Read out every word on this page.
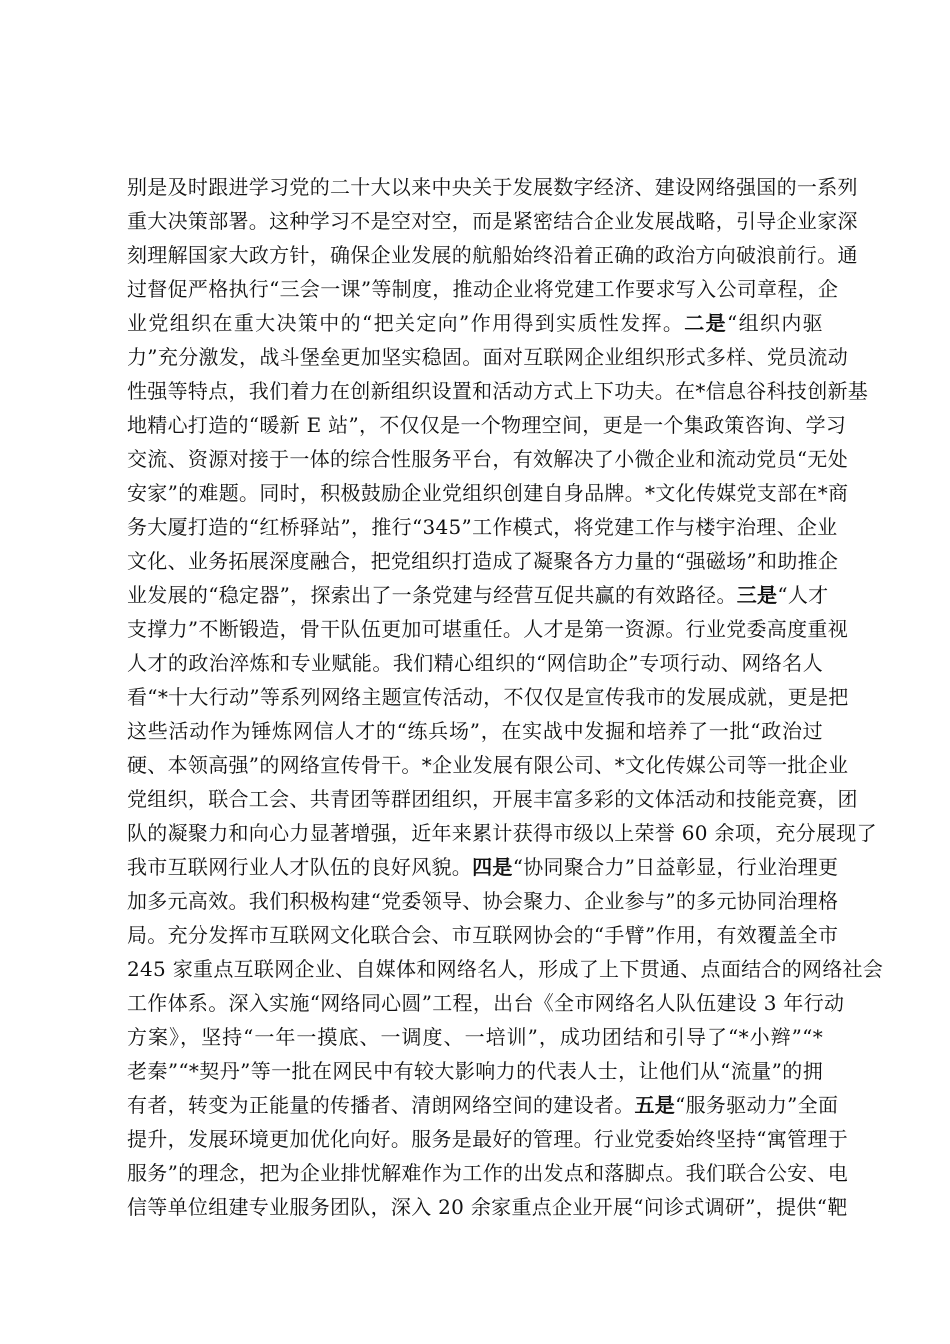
别是及时跟进学习党的二十大以来中央关于发展数字经济、建设网络强国的一系列
重大决策部署。这种学习不是空对空，而是紧密结合企业发展战略，引导企业家深
刻理解国家大政方针，确保企业发展的航船始终沿着正确的政治方向破浪前行。通
过督促严格执行“三会一课”等制度，推动企业将党建工作要求写入公司章程，企
业党组织在重大决策中的“把关定向”作用得到实质性发挥。二是“组织内驱
力”充分激发，战斗堡垒更加坚实稳固。面对互联网企业组织形式多样、党员流动
性强等特点，我们着力在创新组织设置和活动方式上下功夫。在*信息谷科技创新基
地精心打造的“暖新 E 站”，不仅仅是一个物理空间，更是一个集政策咨询、学习
交流、资源对接于一体的综合性服务平台，有效解决了小微企业和流动党员“无处
安家”的难题。同时，积极鼓励企业党组织创建自身品牌。*文化传媒党支部在*商
务大厦打造的“红桥驿站”，推行“345”工作模式，将党建工作与楼宇治理、企业
文化、业务拓展深度融合，把党组织打造成了凝聚各方力量的“强磁场”和助推企
业发展的“稳定器”，探索出了一条党建与经营互促共赢的有效路径。三是“人才
支撑力”不断锻造，骨干队伍更加可堪重任。人才是第一资源。行业党委高度重视
人才的政治淬炼和专业赋能。我们精心组织的“网信助企”专项行动、网络名人
看“*十大行动”等系列网络主题宣传活动，不仅仅是宣传我市的发展成就，更是把
这些活动作为锤炼网信人才的“练兵场”，在实战中发掘和培养了一批“政治过
硬、本领高强”的网络宣传骨干。*企业发展有限公司、*文化传媒公司等一批企业
党组织，联合工会、共青团等群团组织，开展丰富多彩的文体活动和技能竞赛，团
队的凝聚力和向心力显著增强，近年来累计获得市级以上荣誉 60 余项，充分展现了
我市互联网行业人才队伍的良好风貌。四是“协同聚合力”日益彰显，行业治理更
加多元高效。我们积极构建“党委领导、协会聚力、企业参与”的多元协同治理格
局。充分发挥市互联网文化联合会、市互联网协会的“手臂”作用，有效覆盖全市
245 家重点互联网企业、自媒体和网络名人，形成了上下贯通、点面结合的网络社会
工作体系。深入实施“网络同心圆”工程，出台《全市网络名人队伍建设 3 年行动
方案》，坚持“一年一摸底、一调度、一培训”，成功团结和引导了“*小辫”“*
老秦”“*契丹”等一批在网民中有较大影响力的代表人士，让他们从“流量”的拥
有者，转变为正能量的传播者、清朗网络空间的建设者。五是“服务驱动力”全面
提升，发展环境更加优化向好。服务是最好的管理。行业党委始终坚持“寓管理于
服务”的理念，把为企业排忧解难作为工作的出发点和落脚点。我们联合公安、电
信等单位组建专业服务团队，深入 20 余家重点企业开展“问诊式调研”，提供“靶
